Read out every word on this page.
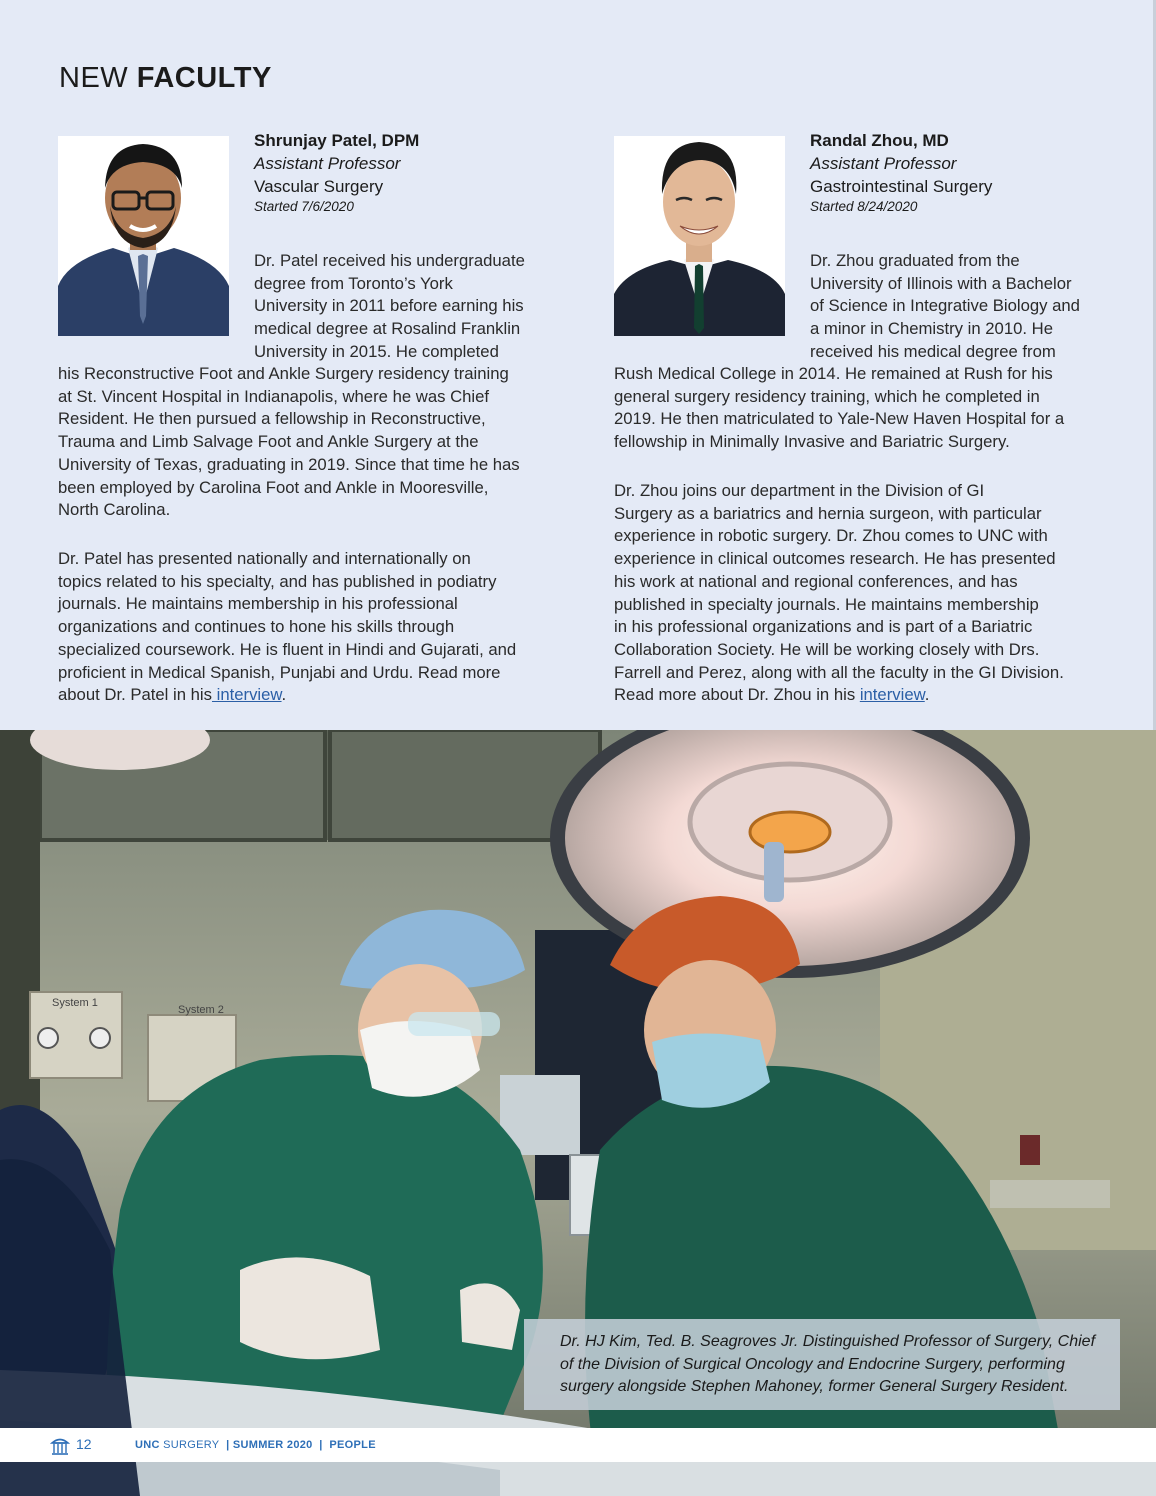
NEW FACULTY
Shrunjay Patel, DPM
Assistant Professor
Vascular Surgery
Started 7/6/2020
Dr. Patel received his undergraduate
degree from Toronto’s York
University in 2011 before earning his
medical degree at Rosalind Franklin
University in 2015. He completed
his Reconstructive Foot and Ankle Surgery residency training
at St. Vincent Hospital in Indianapolis, where he was Chief
Resident. He then pursued a fellowship in Reconstructive,
Trauma and Limb Salvage Foot and Ankle Surgery at the
University of Texas, graduating in 2019. Since that time he has
been employed by Carolina Foot and Ankle in Mooresville,
North Carolina.
Dr. Patel has presented nationally and internationally on
topics related to his specialty, and has published in podiatry
journals. He maintains membership in his professional
organizations and continues to hone his skills through
specialized coursework. He is fluent in Hindi and Gujarati, and
proficient in Medical Spanish, Punjabi and Urdu. Read more
about Dr. Patel in his interview.
Randal Zhou, MD
Assistant Professor
Gastrointestinal Surgery
Started 8/24/2020
Dr. Zhou graduated from the
University of Illinois with a Bachelor
of Science in Integrative Biology and
a minor in Chemistry in 2010. He
received his medical degree from
Rush Medical College in 2014. He remained at Rush for his
general surgery residency training, which he completed in
2019. He then matriculated to Yale-New Haven Hospital for a
fellowship in Minimally Invasive and Bariatric Surgery.
Dr. Zhou joins our department in the Division of GI
Surgery as a bariatrics and hernia surgeon, with particular
experience in robotic surgery. Dr. Zhou comes to UNC with
experience in clinical outcomes research. He has presented
his work at national and regional conferences, and has
published in specialty journals. He maintains membership
in his professional organizations and is part of a Bariatric
Collaboration Society. He will be working closely with Drs.
Farrell and Perez, along with all the faculty in the GI Division.
Read more about Dr. Zhou in his interview.
System 1
System 2
Dr. HJ Kim, Ted. B. Seagroves Jr. Distinguished Professor of Surgery, Chief of the Division of Surgical Oncology and Endocrine Surgery, performing surgery alongside Stephen Mahoney, former General Surgery Resident.
12	UNC SURGERY | SUMMER 2020 | PEOPLE
